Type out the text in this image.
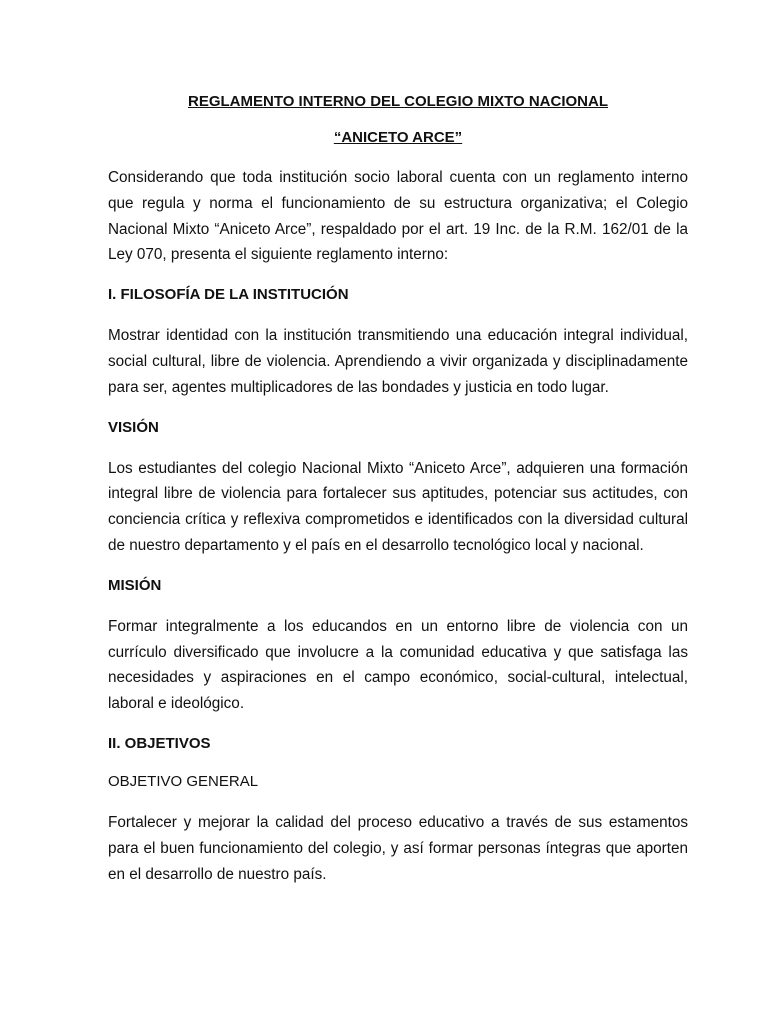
REGLAMENTO INTERNO DEL COLEGIO MIXTO NACIONAL

“ANICETO ARCE”

Considerando que toda institución socio laboral cuenta con un reglamento interno que regula y norma el funcionamiento de su estructura organizativa; el Colegio Nacional Mixto “Aniceto Arce”, respaldado por el art. 19 Inc. de la R.M. 162/01 de la Ley 070, presenta el siguiente reglamento interno:

I. FILOSOFÍA DE LA INSTITUCIÓN

Mostrar identidad con la institución transmitiendo una educación integral individual, social cultural, libre de violencia. Aprendiendo a vivir organizada y disciplinadamente para ser, agentes multiplicadores de las bondades y justicia en todo lugar.

VISIÓN

Los estudiantes del colegio Nacional Mixto “Aniceto Arce”, adquieren una formación integral libre de violencia para fortalecer sus aptitudes, potenciar sus actitudes, con conciencia crítica y reflexiva comprometidos e identificados con la diversidad cultural de nuestro departamento y el país en el desarrollo tecnológico local y nacional.

MISIÓN

Formar integralmente a los educandos en un entorno libre de violencia con un currículo diversificado que involucre a la comunidad educativa y que satisfaga las necesidades y aspiraciones en el campo económico, social-cultural, intelectual, laboral e ideológico.

II. OBJETIVOS

OBJETIVO GENERAL

Fortalecer y mejorar la calidad del proceso educativo a través de sus estamentos para el buen funcionamiento del colegio, y así formar personas íntegras que aporten en el desarrollo de nuestro país.
